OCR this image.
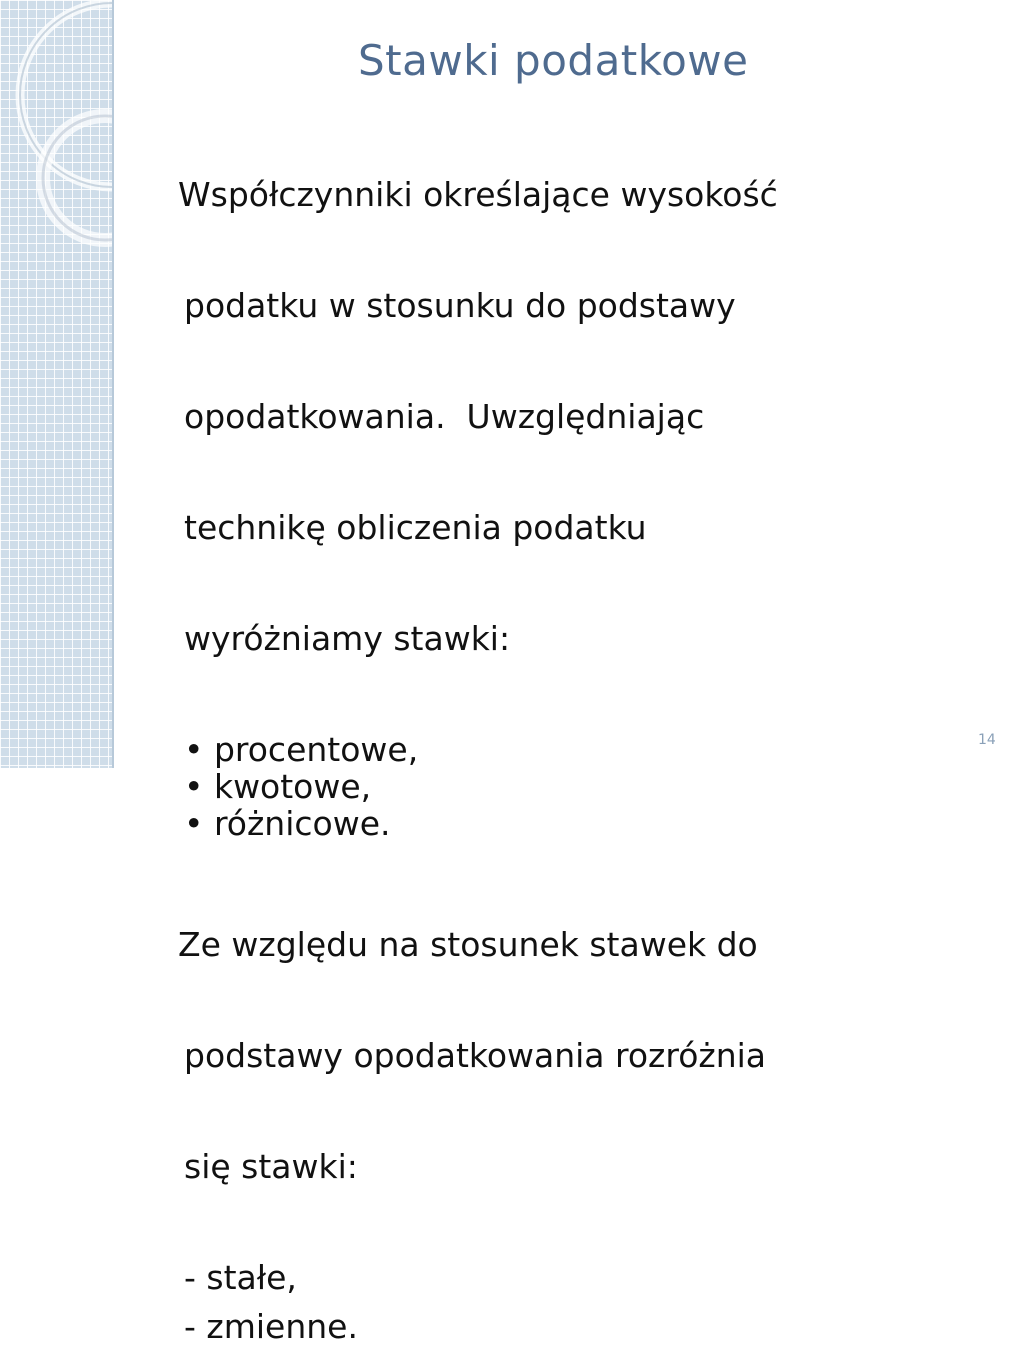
Stawki podatkowe

Współczynniki określające wysokość

podatku w stosunku do podstawy

opodatkowania.  Uwzględniając

technikę obliczenia podatku

wyróżniamy stawki:

• procentowe,
• kwotowe,
• różnicowe.

Ze względu na stosunek stawek do

podstawy opodatkowania rozróżnia

się stawki:

- stałe,
- zmienne.
14
